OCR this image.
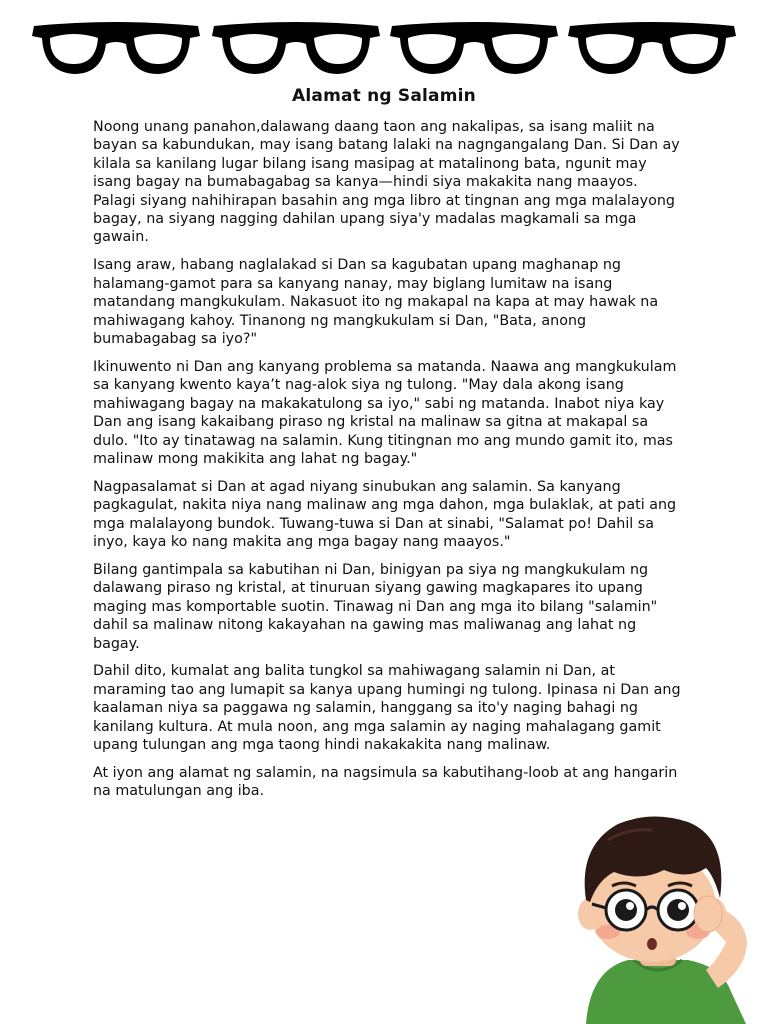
Alamat ng Salamin

Noong unang panahon,dalawang daang taon ang nakalipas, sa isang maliit na bayan sa kabundukan, may isang batang lalaki na nagngangalang Dan. Si Dan ay kilala sa kanilang lugar bilang isang masipag at matalinong bata, ngunit may isang bagay na bumabagabag sa kanya—hindi siya makakita nang maayos. Palagi siyang nahihirapan basahin ang mga libro at tingnan ang mga malalayong bagay, na siyang nagging dahilan upang siya'y madalas magkamali sa mga gawain.

Isang araw, habang naglalakad si Dan sa kagubatan upang maghanap ng halamang-gamot para sa kanyang nanay, may biglang lumitaw na isang matandang mangkukulam. Nakasuot ito ng makapal na kapa at may hawak na mahiwagang kahoy. Tinanong ng mangkukulam si Dan, "Bata, anong bumabagabag sa iyo?"

Ikinuwento ni Dan ang kanyang problema sa matanda. Naawa ang mangkukulam sa kanyang kwento kaya’t nag-alok siya ng tulong. "May dala akong isang mahiwagang bagay na makakatulong sa iyo," sabi ng matanda. Inabot niya kay Dan ang isang kakaibang piraso ng kristal na malinaw sa gitna at makapal sa dulo. "Ito ay tinatawag na salamin. Kung titingnan mo ang mundo gamit ito, mas malinaw mong makikita ang lahat ng bagay."

Nagpasalamat si Dan at agad niyang sinubukan ang salamin. Sa kanyang pagkagulat, nakita niya nang malinaw ang mga dahon, mga bulaklak, at pati ang mga malalayong bundok. Tuwang-tuwa si Dan at sinabi, "Salamat po! Dahil sa inyo, kaya ko nang makita ang mga bagay nang maayos."

Bilang gantimpala sa kabutihan ni Dan, binigyan pa siya ng mangkukulam ng dalawang piraso ng kristal, at tinuruan siyang gawing magkapares ito upang maging mas komportable suotin. Tinawag ni Dan ang mga ito bilang "salamin" dahil sa malinaw nitong kakayahan na gawing mas maliwanag ang lahat ng bagay.

Dahil dito, kumalat ang balita tungkol sa mahiwagang salamin ni Dan, at maraming tao ang lumapit sa kanya upang humingi ng tulong. Ipinasa ni Dan ang kaalaman niya sa paggawa ng salamin, hanggang sa ito'y naging bahagi ng kanilang kultura. At mula noon, ang mga salamin ay naging mahalagang gamit upang tulungan ang mga taong hindi nakakakita nang malinaw.

At iyon ang alamat ng salamin, na nagsimula sa kabutihang-loob at ang hangarin na matulungan ang iba.
